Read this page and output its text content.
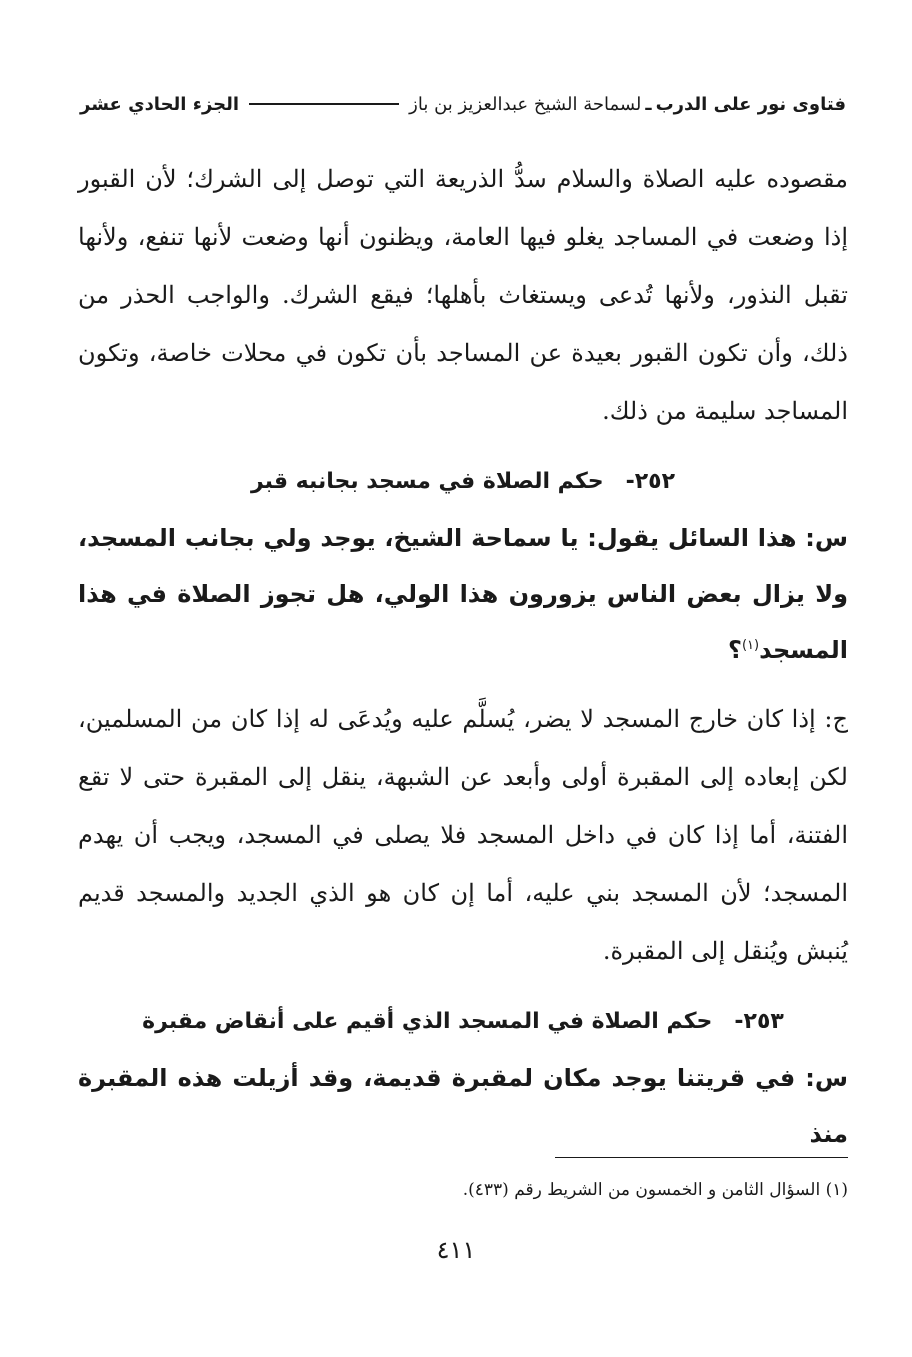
فتاوى نور على الدرب
ـ
لسماحة الشيخ عبدالعزيز بن باز
الجزء الحادي عشر

مقصوده عليه الصلاة والسلام سدُّ الذريعة التي توصل إلى الشرك؛ لأن القبور إذا وضعت في المساجد يغلو فيها العامة، ويظنون أنها وضعت لأنها تنفع، ولأنها تقبل النذور، ولأنها تُدعى ويستغاث بأهلها؛ فيقع الشرك. والواجب الحذر من ذلك، وأن تكون القبور بعيدة عن المساجد بأن تكون في محلات خاصة، وتكون المساجد سليمة من ذلك.

٢٥٢-حكم الصلاة في مسجد بجانبه قبر

س: هذا السائل يقول: يا سماحة الشيخ، يوجد ولي بجانب المسجد، ولا يزال بعض الناس يزورون هذا الولي، هل تجوز الصلاة في هذا المسجد$^{(١)}$؟

ج: إذا كان خارج المسجد لا يضر، يُسلَّم عليه ويُدعَى له إذا كان من المسلمين، لكن إبعاده إلى المقبرة أولى وأبعد عن الشبهة، ينقل إلى المقبرة حتى لا تقع الفتنة، أما إذا كان في داخل المسجد فلا يصلى في المسجد، ويجب أن يهدم المسجد؛ لأن المسجد بني عليه، أما إن كان هو الذي الجديد والمسجد قديم يُنبش ويُنقل إلى المقبرة.

٢٥٣-حكم الصلاة في المسجد الذي أقيم على أنقاض مقبرة

س: في قريتنا يوجد مكان لمقبرة قديمة، وقد أزيلت هذه المقبرة منذ

(١) السؤال الثامن و الخمسون من الشريط رقم (٤٣٣).
٤١١
